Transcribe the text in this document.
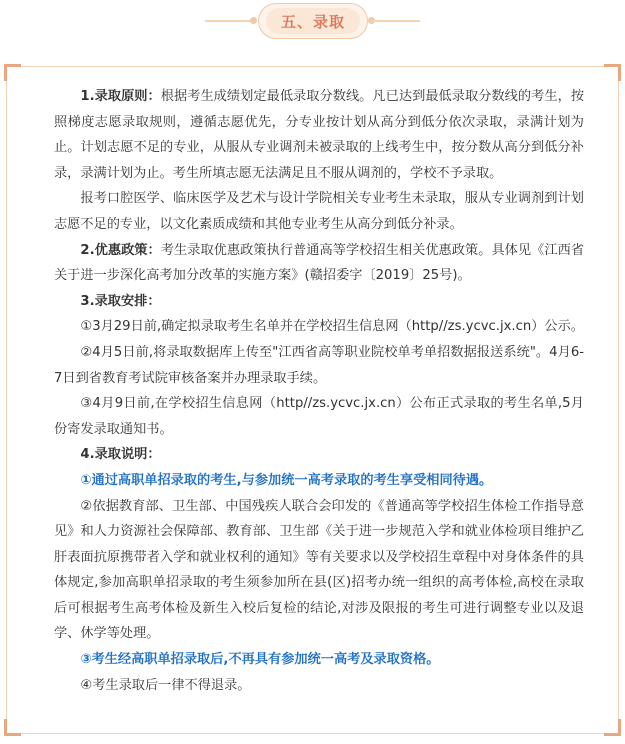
五、录取

1.录取原则：根据考生成绩划定最低录取分数线。凡已达到最低录取分数线的考生，按照梯度志愿录取规则，遵循志愿优先，分专业按计划从高分到低分依次录取，录满计划为止。计划志愿不足的专业，从服从专业调剂未被录取的上线考生中，按分数从高分到低分补录，录满计划为止。考生所填志愿无法满足且不服从调剂的，学校不予录取。

报考口腔医学、临床医学及艺术与设计学院相关专业考生未录取，服从专业调剂到计划志愿不足的专业，以文化素质成绩和其他专业考生从高分到低分补录。

2.优惠政策：考生录取优惠政策执行普通高等学校招生相关优惠政策。具体见《江西省关于进一步深化高考加分改革的实施方案》(赣招委字〔2019〕25号)。

3.录取安排：

①3月29日前,确定拟录取考生名单并在学校招生信息网（http//zs.ycvc.jx.cn）公示。

②4月5日前,将录取数据库上传至"江西省高等职业院校单考单招数据报送系统"。4月6-7日到省教育考试院审核备案并办理录取手续。

③4月9日前,在学校招生信息网（http//zs.ycvc.jx.cn）公布正式录取的考生名单,5月份寄发录取通知书。

4.录取说明：

①通过高职单招录取的考生,与参加统一高考录取的考生享受相同待遇。

②依据教育部、卫生部、中国残疾人联合会印发的《普通高等学校招生体检工作指导意见》和人力资源社会保障部、教育部、卫生部《关于进一步规范入学和就业体检项目维护乙肝表面抗原携带者入学和就业权利的通知》等有关要求以及学校招生章程中对身体条件的具体规定,参加高职单招录取的考生须参加所在县(区)招考办统一组织的高考体检,高校在录取后可根据考生高考体检及新生入校后复检的结论,对涉及限报的考生可进行调整专业以及退学、休学等处理。

③考生经高职单招录取后,不再具有参加统一高考及录取资格。

④考生录取后一律不得退录。
